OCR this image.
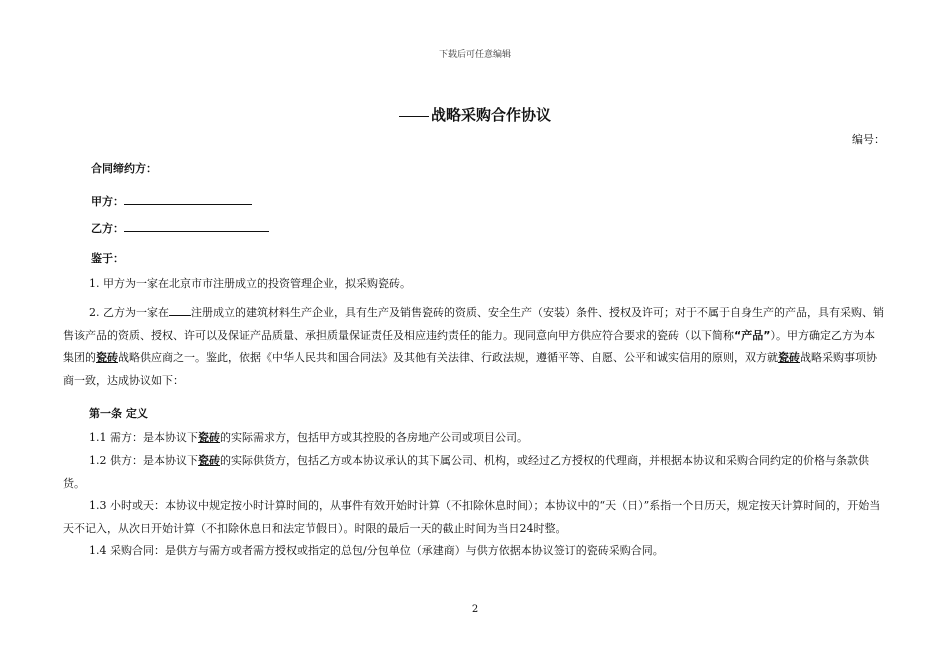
下载后可任意编辑
战略采购合作协议
编号：
合同缔约方：
甲方：
乙方：
鉴于：
1. 甲方为一家在北京市市注册成立的投资管理企业，拟采购瓷砖。
2. 乙方为一家在 注册成立的建筑材料生产企业，具有生产及销售瓷砖的资质、安全生产（安装）条件、授权及许可；对于不属于自身生产的产品，具有采购、销售该产品的资质、授权、许可以及保证产品质量、承担质量保证责任及相应违约责任的能力。现同意向甲方供应符合要求的瓷砖（以下简称“产品”）。甲方确定乙方为本集团的瓷砖战略供应商之一。鉴此，依据《中华人民共和国合同法》及其他有关法律、行政法规，遵循平等、自愿、公平和诚实信用的原则，双方就瓷砖战略采购事项协商一致，达成协议如下：
第一条 定义
1.1 需方：是本协议下瓷砖的实际需求方，包括甲方或其控股的各房地产公司或项目公司。
1.2 供方：是本协议下瓷砖的实际供货方，包括乙方或本协议承认的其下属公司、机构，或经过乙方授权的代理商，并根据本协议和采购合同约定的价格与条款供货。
1.3 小时或天：本协议中规定按小时计算时间的，从事件有效开始时计算（不扣除休息时间）；本协议中的“天（日）”系指一个日历天，规定按天计算时间的，开始当天不记入，从次日开始计算（不扣除休息日和法定节假日）。时限的最后一天的截止时间为当日24时整。
1.4 采购合同：是供方与需方或者需方授权或指定的总包/分包单位（承建商）与供方依据本协议签订的瓷砖采购合同。
2
